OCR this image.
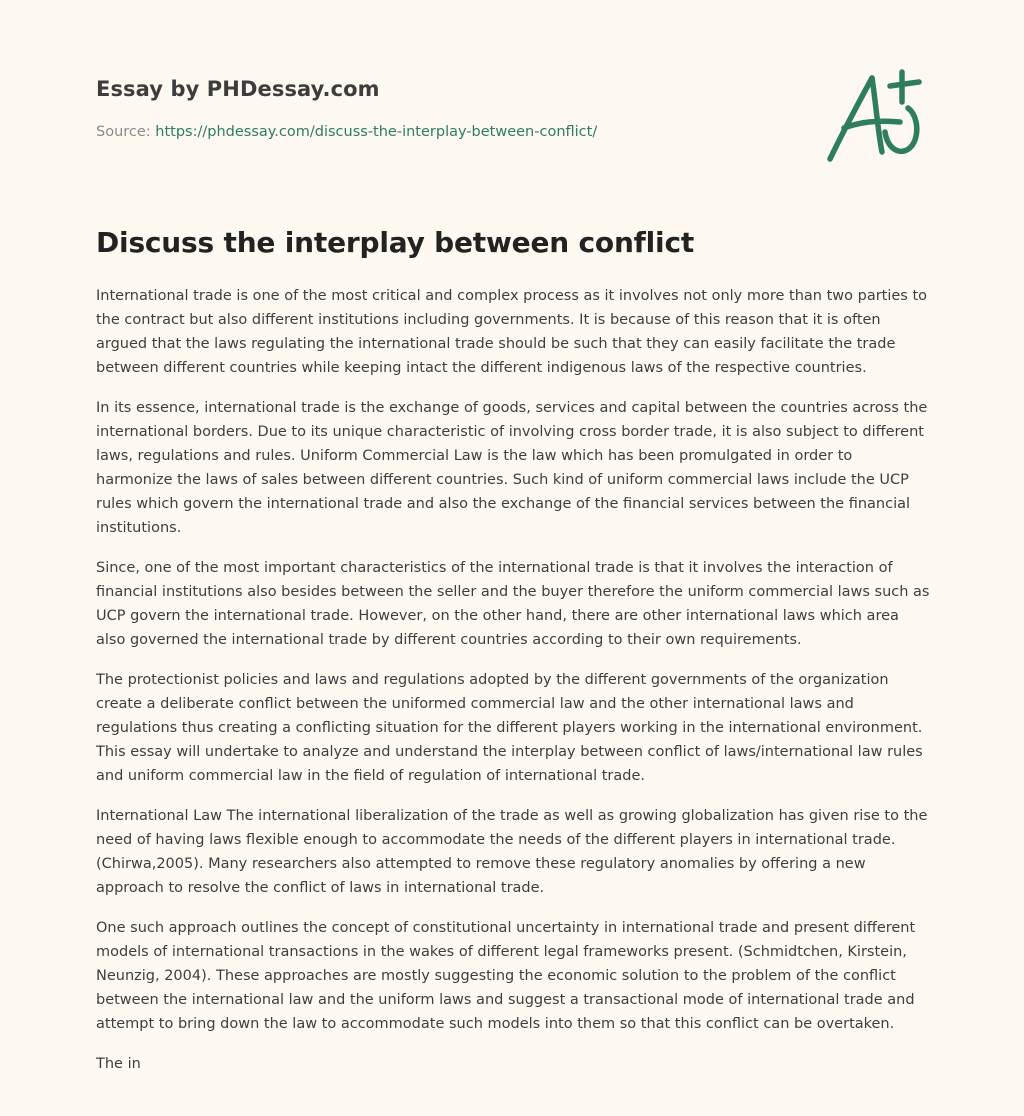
Essay by PHDessay.com
Source: https://phdessay.com/discuss-the-interplay-between-conflict/
Discuss the interplay between conflict

International trade is one of the most critical and complex process as it involves not only more than two parties to the contract but also different institutions including governments. It is because of this reason that it is often argued that the laws regulating the international trade should be such that they can easily facilitate the trade between different countries while keeping intact the different indigenous laws of the respective countries.

In its essence, international trade is the exchange of goods, services and capital between the countries across the international borders. Due to its unique characteristic of involving cross border trade, it is also subject to different laws, regulations and rules. Uniform Commercial Law is the law which has been promulgated in order to harmonize the laws of sales between different countries. Such kind of uniform commercial laws include the UCP rules which govern the international trade and also the exchange of the financial services between the financial institutions.

Since, one of the most important characteristics of the international trade is that it involves the interaction of financial institutions also besides between the seller and the buyer therefore the uniform commercial laws such as UCP govern the international trade. However, on the other hand, there are other international laws which area also governed the international trade by different countries according to their own requirements.

The protectionist policies and laws and regulations adopted by the different governments of the organization create a deliberate conflict between the uniformed commercial law and the other international laws and regulations thus creating a conflicting situation for the different players working in the international environment. This essay will undertake to analyze and understand the interplay between conflict of laws/international law rules and uniform commercial law in the field of regulation of international trade.

International Law The international liberalization of the trade as well as growing globalization has given rise to the need of having laws flexible enough to accommodate the needs of the different players in international trade. (Chirwa,2005). Many researchers also attempted to remove these regulatory anomalies by offering a new approach to resolve the conflict of laws in international trade.

One such approach outlines the concept of constitutional uncertainty in international trade and present different models of international transactions in the wakes of different legal frameworks present. (Schmidtchen, Kirstein, Neunzig, 2004). These approaches are mostly suggesting the economic solution to the problem of the conflict between the international law and the uniform laws and suggest a transactional mode of international trade and attempt to bring down the law to accommodate such models into them so that this conflict can be overtaken.

The in
